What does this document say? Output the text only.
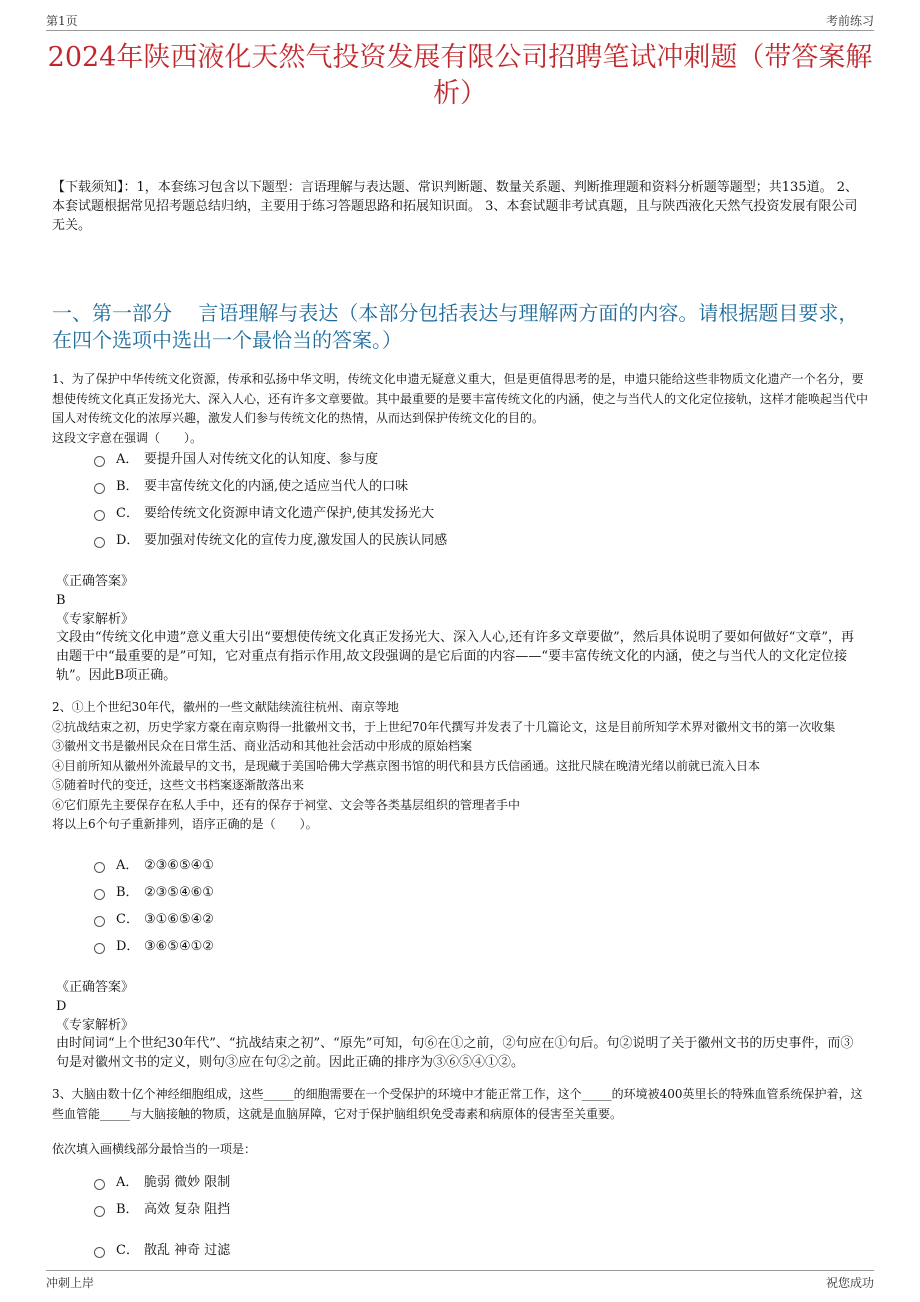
第1页	考前练习
2024年陕西液化天然气投资发展有限公司招聘笔试冲刺题（带答案解析）
【下载须知】：1，本套练习包含以下题型：言语理解与表达题、常识判断题、数量关系题、判断推理题和资料分析题等题型；共135道。 2、本套试题根据常见招考题总结归纳，主要用于练习答题思路和拓展知识面。 3、本套试题非考试真题，且与陕西液化天然气投资发展有限公司无关。
一、第一部分　 言语理解与表达（本部分包括表达与理解两方面的内容。请根据题目要求，在四个选项中选出一个最恰当的答案。）
1、为了保护中华传统文化资源，传承和弘扬中华文明，传统文化申遗无疑意义重大，但是更值得思考的是，申遗只能给这些非物质文化遗产一个名分，要想使传统文化真正发扬光大、深入人心，还有许多文章要做。其中最重要的是要丰富传统文化的内涵，使之与当代人的文化定位接轨，这样才能唤起当代中国人对传统文化的浓厚兴趣，激发人们参与传统文化的热情，从而达到保护传统文化的目的。
这段文字意在强调（　　）。
A． 要提升国人对传统文化的认知度、参与度
B． 要丰富传统文化的内涵,使之适应当代人的口味
C． 要给传统文化资源申请文化遗产保护,使其发扬光大
D． 要加强对传统文化的宣传力度,激发国人的民族认同感
《正确答案》
B
《专家解析》
文段由“传统文化申遗”意义重大引出“要想使传统文化真正发扬光大、深入人心,还有许多文章要做”，然后具体说明了要如何做好“文章”，再由题干中“最重要的是”可知，它对重点有指示作用,故文段强调的是它后面的内容——“要丰富传统文化的内涵，使之与当代人的文化定位接轨”。因此B项正确。
2、①上个世纪30年代，徽州的一些文献陆续流往杭州、南京等地
②抗战结束之初，历史学家方豪在南京购得一批徽州文书，于上世纪70年代撰写并发表了十几篇论文，这是目前所知学术界对徽州文书的第一次收集
③徽州文书是徽州民众在日常生活、商业活动和其他社会活动中形成的原始档案
④目前所知从徽州外流最早的文书，是现藏于美国哈佛大学燕京图书馆的明代和县方氏信函通。这批尺牍在晚清光绪以前就已流入日本
⑤随着时代的变迁，这些文书档案逐渐散落出来
⑥它们原先主要保存在私人手中，还有的保存于祠堂、文会等各类基层组织的管理者手中
将以上6个句子重新排列，语序正确的是（　　）。
A． ②③⑥⑤④①
B． ②③⑤④⑥①
C． ③①⑥⑤④②
D． ③⑥⑤④①②
《正确答案》
D
《专家解析》
由时间词“上个世纪30年代”、“抗战结束之初”、“原先”可知，句⑥在①之前，②句应在①句后。句②说明了关于徽州文书的历史事件，而③句是对徽州文书的定义，则句③应在句②之前。因此正确的排序为③⑥⑤④①②。
3、大脑由数十亿个神经细胞组成，这些_____的细胞需要在一个受保护的环境中才能正常工作，这个_____的环境被400英里长的特殊血管系统保护着，这些血管能_____与大脑接触的物质，这就是血脑屏障，它对于保护脑组织免受毒素和病原体的侵害至关重要。
依次填入画横线部分最恰当的一项是：
A． 脆弱 微妙 限制
B． 高效 复杂 阻挡
C． 散乱 神奇 过滤
冲刺上岸	祝您成功
